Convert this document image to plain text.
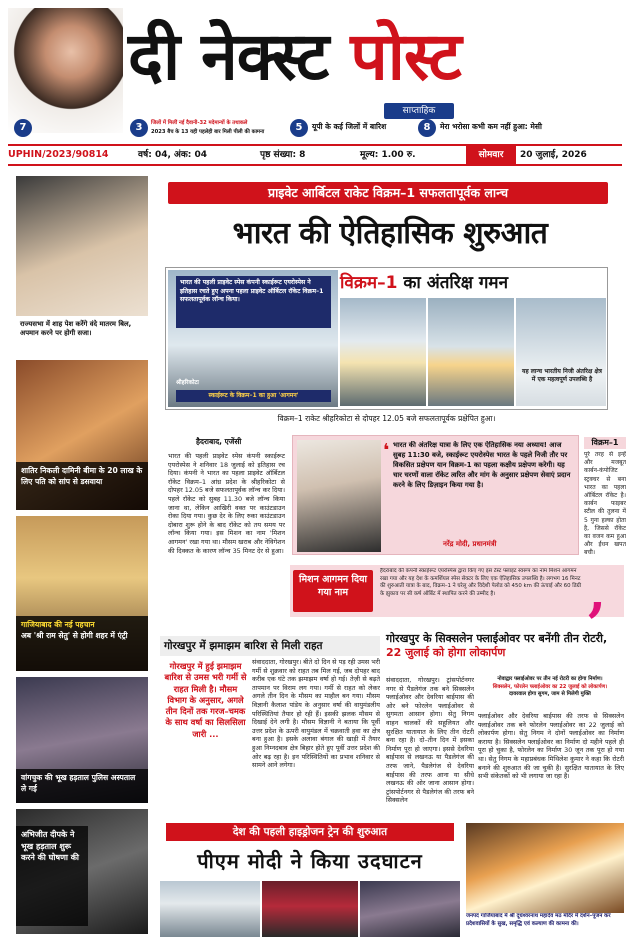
दी नेक्स्ट पोस्ट
साप्ताहिक
7	3	जिलों में मिलीं नई दैवानी-32 मदेमान्यों के तथाकले
2023 बैच के 13 यही पहलेही बार मिली पीली की कामना	5	यूपी के कई जिलों में बारिश	8	मेरा भरोसा कभी कम नहीं हुआ: मेसी
UPHIN/2023/90814	वर्ष: 04, अंक: 04	पृष्ठ संख्या: 8	मूल्य: 1.00 रु.	सोमवार	20 जुलाई, 2026
राज्यसभा में शाह पेश करेंगे वंदे मातरम बिल, अपमान करने पर होगी सजा।
शातिर निकली दामिनी बीमा के 20 लाख के लिए पति को सांप से डसवाया
गाजियाबाद की नई पहचान
अब 'श्री राम सेतु' से होगी शहर में एंट्री
वांगचुक की भूख हड़ताल पुलिस अस्पताल ले गई
अभिजीत दीपके ने भूख हड़ताल शुरू करने की घोषणा की
प्राइवेट आर्बिटल राकेट विक्रम–1 सफलतापूर्वक लान्च
भारत की ऐतिहासिक शुरुआत
भारत की पहली प्राइवेट स्पेस कंपनी स्काईरूट एयरोस्पेस ने इतिहास रचते हुए अपना पहला प्राइवेट ऑर्बिटल रॉकेट विक्रम–1 सफलतापूर्वक लॉन्च किया।
श्रीहरिकोटा
स्काईरूट के विक्रम–1 का हुआ 'आगमन'
विक्रम–1 का अंतरिक्ष गमन
यह लान्च भारतीय निजी अंतरिक्ष क्षेत्र में एक महत्वपूर्ण उपलब्धि है
विक्रम–1 राकेट श्रीहरिकोटा से दोपहर 12.05 बजे सफलतापूर्वक प्रक्षेपित हुआ।
हैदराबाद, एजेंसी
भारत की पहली प्राइवेट स्पेस कंपनी स्काईरूट एयरोस्पेस ने शनिवार 18 जुलाई को इतिहास रच दिया। कंपनी ने भारत का पहला प्राइवेट ऑर्बिटल रॉकेट विक्रम–1 आंध्र प्रदेश के श्रीहरिकोटा से दोपहर 12.05 बजे सफलतापूर्वक लॉन्च कर दिया। पहले रॉकेट को सुबह 11.30 बजे लॉन्च किया जाना था, लेकिन आखिरी वक्त पर काउंटडाउन रोका दिया गया। कुछ देर के लिए रुका काउंटडाउन दोबारा शुरू होने के बाद रॉकेट को तय समय पर लॉन्च किया गया। इस मिशन का नाम 'मिशन आगमन' रखा गया था। मौसम खराब और नेविगेशन की दिक्कत के कारण लॉन्च 35 मिनट देर से हुआ।
❛ भारत की अंतरिक्ष यात्रा के लिए एक ऐतिहासिक नया अध्याय! आज सुबह 11:30 बजे, स्काईरूट एयरोस्पेस भारत के पहले निजी तौर पर विकसित प्रक्षेपण यान विक्रम-1 का पहला कक्षीय प्रक्षेपण करेगी। यह चार चरणों वाला रॉकेट त्वरित और मांग के अनुसार प्रक्षेपण सेवाएं प्रदान करने के लिए डिज़ाइन किया गया है।
नरेंद्र मोदी, प्रधानमंत्री
विक्रम–1
पूरे तरह से इन्हें और मजबूत कार्बन-कंपोजिट स्ट्रक्चर से बना भारत का पहला ऑर्बिटल रॉकेट है। कार्बन फाइबर स्टील की तुलना में 5 गुना हल्का होता है, जिससे रॉकेट का वजन कम हुआ और ईंधन खपत बची।
मिशन आगमन दिया गया नाम
हैदराबाद की कंपनी स्काईरूट एयरोस्पेस द्वारा किए गए इस टेस्ट फ्लाइट स्वरूप का नाम मिशन आगमन रखा गया और यह देश के कमर्शियल स्पेस सेक्टर के लिए एक ऐतिहासिक उपलब्धि है। लगभग 16 मिनट की शुरुआती यात्रा के बाद, विक्रम–1 ने घरेलू और विदेशी पेलोड को 450 km की ऊंचाई और 60 डिग्री के झुकाव पर सी कर्ष ऑर्बिट में स्थापित करने की उम्मीद है।	,
गोरखपुर में झमाझम बारिश से मिली राहत
गोरखपुर में हुई झमाझम बारिश से उमस भरी गर्मी से राहत मिली है। मौसम विभाग के अनुसार, अगले तीन दिनों तक गरज–चमक के साथ वर्षा का सिलसिला जारी ...
संवाददाता, गोरखपुर। बीते दो दिन से पड़ रही उमस भरी गर्मी से शुक्रवार को राहत तब मिल गई, जब दोपहर बाद करीब एक घंटे तक झमाझम वर्षा हो गई। तेज़ी से बढ़ते तापमान पर विराम लग गया। गर्मी से राहत को लेकर अगले तीन दिन के मौसम का माहौल बन गया। मौसम विज्ञानी कैलाश पांडेय के अनुसार वर्षा की वायुमंडलीय परिस्थितियां तैयार हो रही हैं। इसकी झलक मौसम से दिखाई देने लगी है। मौसम विज्ञानी ने बताया कि पूर्वी उत्तर प्रदेश के ऊपरी वायुमंडल में चक्रवाती हवा का क्षेत्र बना हुआ है। इसके अलावा बंगाल की खाड़ी में तैयार हुआ निम्नदबाव क्षेत्र बिहार होते हुए पूर्वी उत्तर प्रदेश की ओर बढ़ रहा है। इन परिस्थितियों का प्रभाव शनिवार से सामने आने लगेगा।
गोरखपुर के सिक्सलेन फ्लाईओवर पर बनेंगी तीन रोटरी, 22 जुलाई को होगा लोकार्पण
नोवाद्वार फ्लाईओवर पर तीन नई रोटरी का होगा निर्माण।
सिक्सलेन, फोरलेन फ्लाईओवर का 22 जुलाई को लोकार्पण।
दावरवाल होगा सुगम, जाम से मिलेगी मुक्ति
संवाददाता, गोरखपुर। ट्रांसपोर्टनगर नगर से पैडलेगंज तक बने सिक्सलेन फ्लाईओवर और देवरिया बाईपास की ओर बने फोरलेन फ्लाईओवर से सुगमता आसान होगा। सेतु निगम वाहन चालकों की सहूलियत और सुरक्षित यातायात के लिए तीन रोटरी बना रहा है। दो–तीन दिन में इसका निर्माण पूरा हो जाएगा। इससे देवरिया बाईपास से लखनऊ या पैडलेगंज की तरफ जाने, पैडलेगंज से देवरिया बाईपास की तरफ आना या सीधे लखनऊ की ओर जाना आसान होगा। ट्रांसपोर्टनगर से पैडलेगंज की तरफ बने सिक्सलेन
फ्लाईओवर और देवरिया बाईपास की तरफ से सिक्सलेन फ्लाईओवर तक बने फोरलेन फ्लाईओवर का 22 जुलाई को लोकार्पण होगा। सेतु निगम ने दोनों फ्लाईओवर का निर्माण कराया है। सिक्सलेन फ्लाईओवर का निर्माण दो महीने पहले ही पूरा हो चुका है, फोरलेन का निर्माण 30 जून तक पूरा हो गया था। सेतु निगम के महाप्रबंधक मिथिलेश कुमार ने कहा कि रोटरी बनाने की शुरुआत की जा चुकी है। सुरक्षित यातायात के लिए सभी संकेतकों को भी लगाया जा रहा है।
देश की पहली हाइड्रोजन ट्रेन की शुरुआत
पीएम मोदी ने किया उदघाटन
जनपद गाजियाबाद में श्री दूधेश्वरनाथ महादेव मठ मंदिर में दर्शन–पूजन कर प्रदेशवासियों के सुख, समृद्धि एवं कल्याण की कामना की।
